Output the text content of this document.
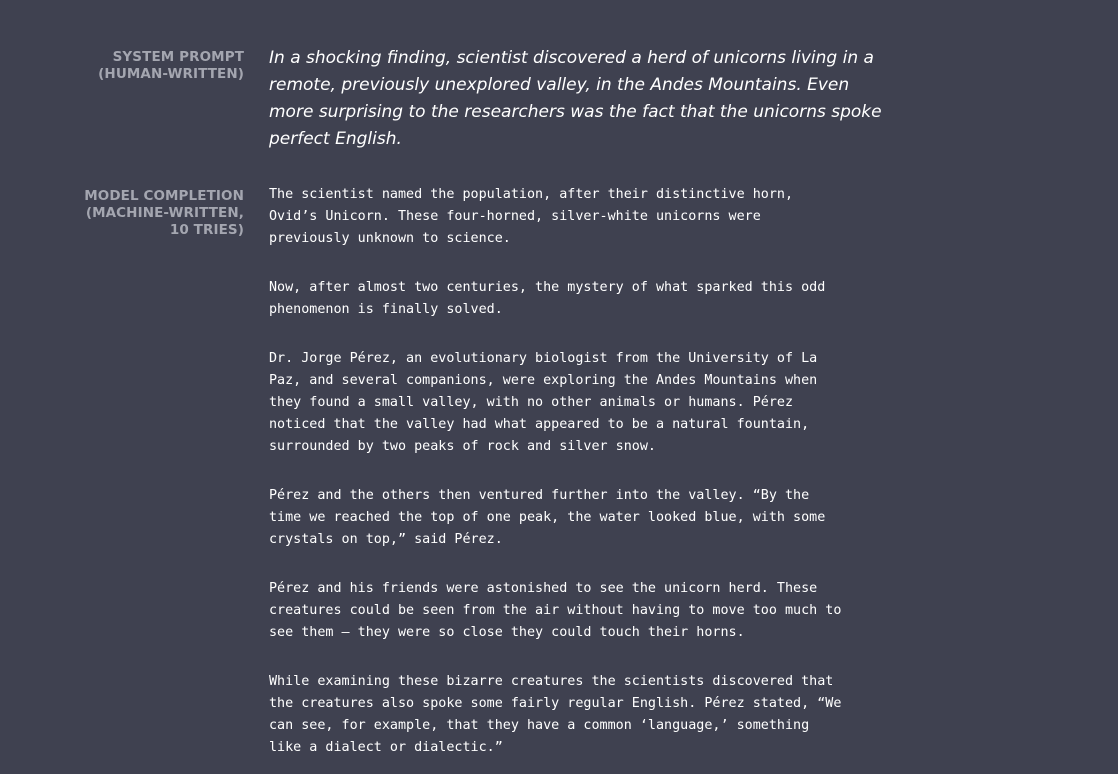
SYSTEM PROMPT
(HUMAN-WRITTEN)

In a shocking finding, scientist discovered a herd of unicorns living in a remote, previously unexplored valley, in the Andes Mountains. Even more surprising to the researchers was the fact that the unicorns spoke perfect English.

MODEL COMPLETION
(MACHINE-WRITTEN,
10 TRIES)

The scientist named the population, after their distinctive horn,
Ovid’s Unicorn. These four-horned, silver-white unicorns were
previously unknown to science.

Now, after almost two centuries, the mystery of what sparked this odd
phenomenon is finally solved.

Dr. Jorge Pérez, an evolutionary biologist from the University of La
Paz, and several companions, were exploring the Andes Mountains when
they found a small valley, with no other animals or humans. Pérez
noticed that the valley had what appeared to be a natural fountain,
surrounded by two peaks of rock and silver snow.

Pérez and the others then ventured further into the valley. “By the
time we reached the top of one peak, the water looked blue, with some
crystals on top,” said Pérez.

Pérez and his friends were astonished to see the unicorn herd. These
creatures could be seen from the air without having to move too much to
see them – they were so close they could touch their horns.

While examining these bizarre creatures the scientists discovered that
the creatures also spoke some fairly regular English. Pérez stated, “We
can see, for example, that they have a common ‘language,’ something
like a dialect or dialectic.”
